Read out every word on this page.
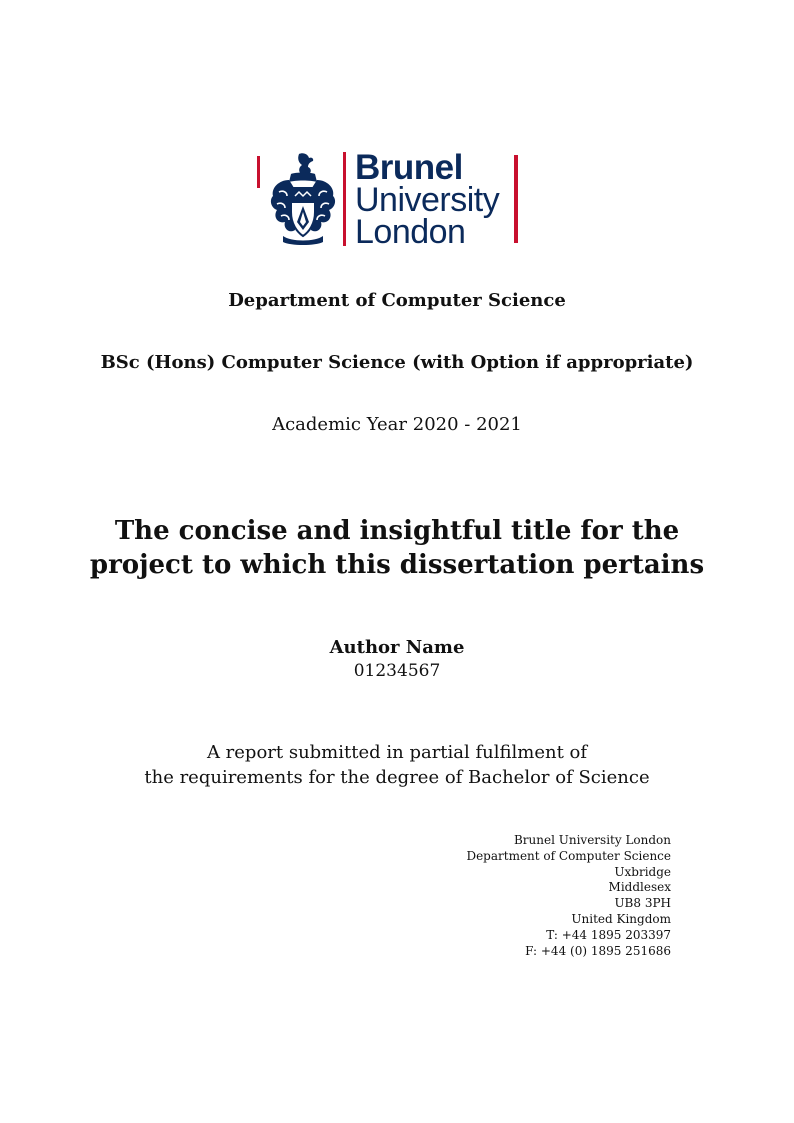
Brunel
University
London
Department of Computer Science
BSc (Hons) Computer Science (with Option if appropriate)
Academic Year 2020 - 2021
The concise and insightful title for the
project to which this dissertation pertains
Author Name
01234567
A report submitted in partial fulfilment of
the requirements for the degree of Bachelor of Science
Brunel University London
Department of Computer Science
Uxbridge
Middlesex
UB8 3PH
United Kingdom
T: +44 1895 203397
F: +44 (0) 1895 251686
